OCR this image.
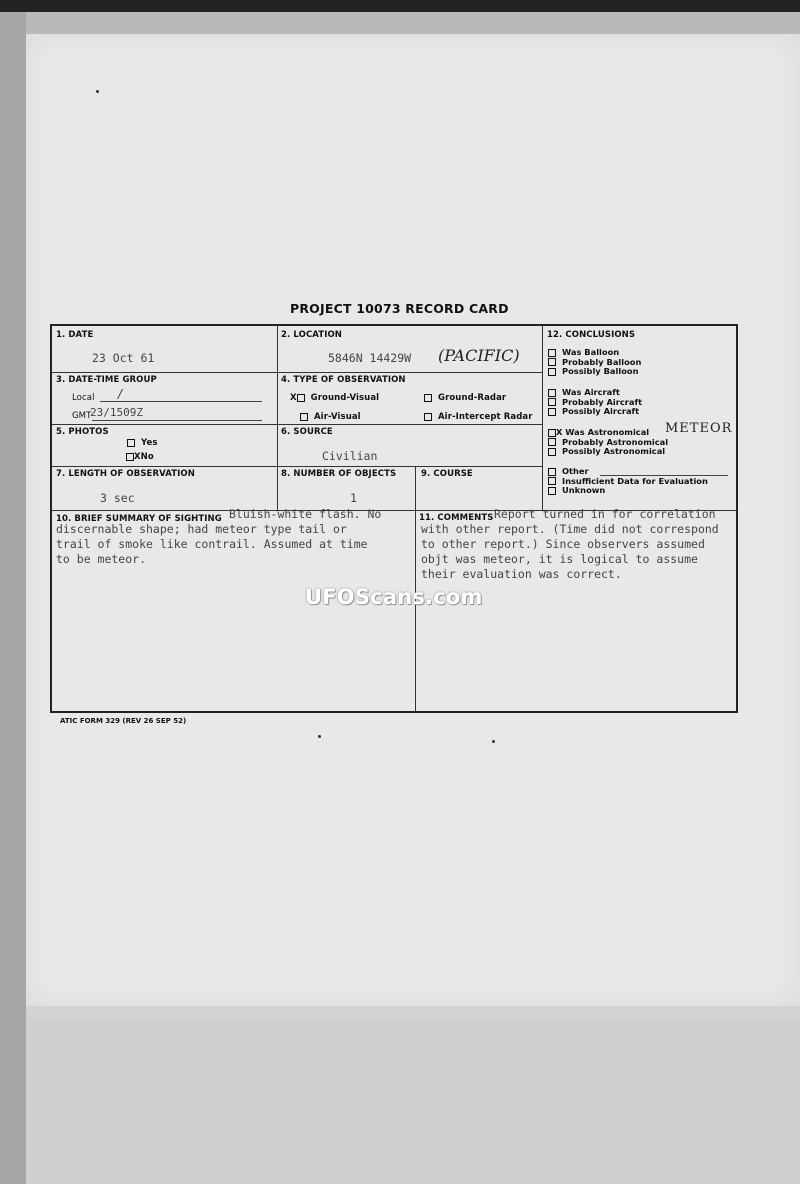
PROJECT 10073 RECORD CARD
1. DATE
23 Oct 61
2. LOCATION
5846N 14429W (PACIFIC)
3. DATE-TIME GROUP
Local /
GMT
23/1509Z
4. TYPE OF OBSERVATION
X Ground-Visual	Ground-Radar
Air-Visual	Air-Intercept Radar
5. PHOTOS
Yes
XNo
6. SOURCE
Civilian
7. LENGTH OF OBSERVATION
3 sec
8. NUMBER OF OBJECTS
1
9. COURSE
10. BRIEF SUMMARY OF SIGHTING Bluish-white flash. No
discernable shape; had meteor type tail or
trail of smoke like contrail. Assumed at time
to be meteor.
11. COMMENTS Report turned in for correlation
with other report. (Time did not correspond
to other report.) Since observers assumed
objt was meteor, it is logical to assume
their evaluation was correct.
12. CONCLUSIONS
Was Balloon
Probably Balloon
Possibly Balloon
Was Aircraft
Probably Aircraft
Possibly Aircraft
X Was Astronomical
Probably Astronomical
Possibly Astronomical
METEOR
Other
Insufficient Data for Evaluation
Unknown
UFOScans.com
ATIC FORM 329 (REV 26 SEP 52)
